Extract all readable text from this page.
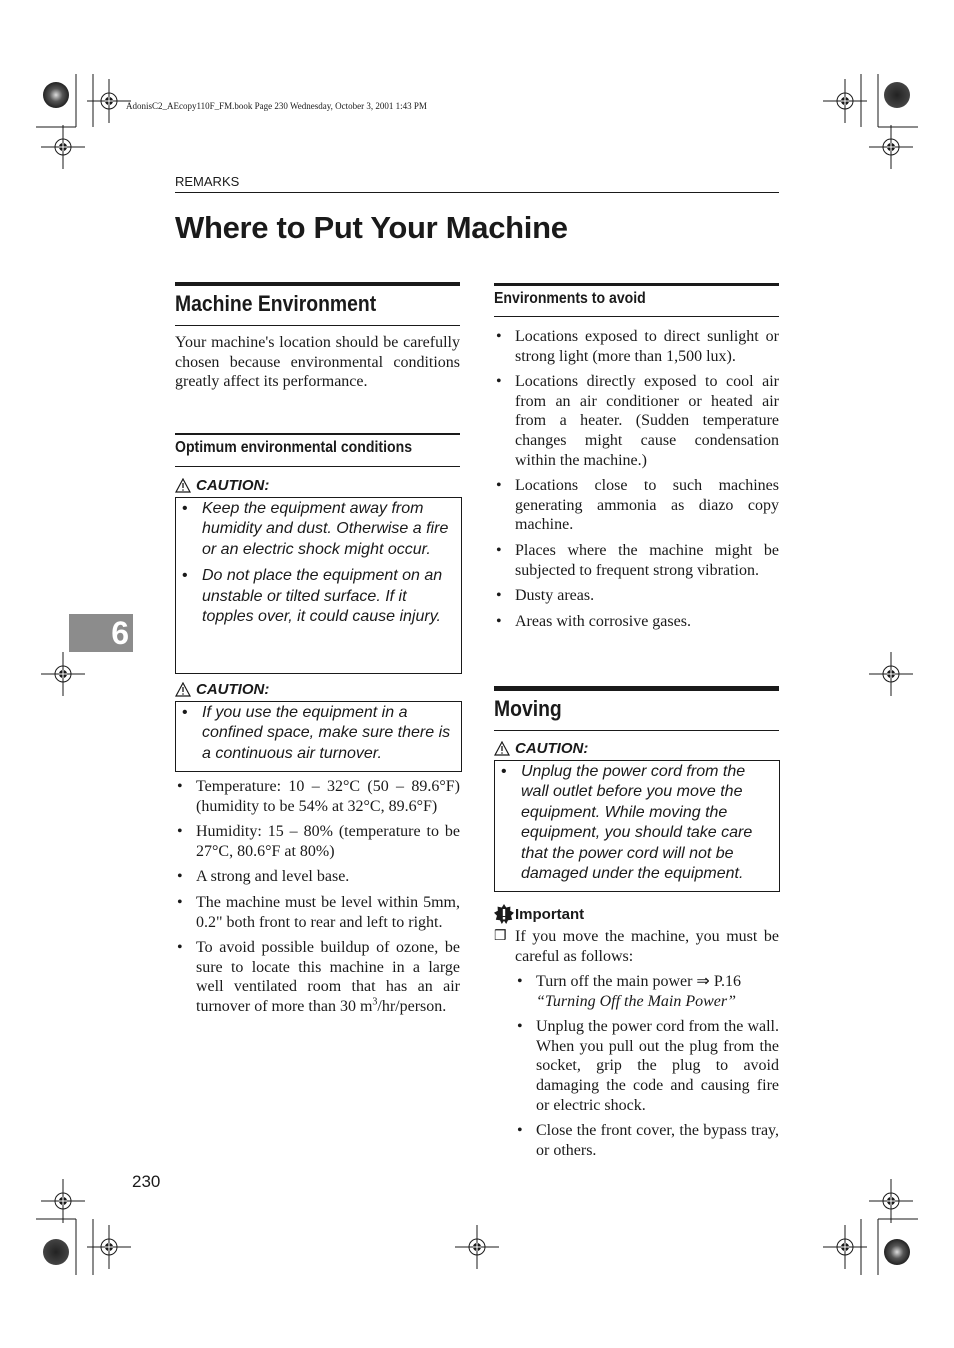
AdonisC2_AEcopy110F_FM.book Page 230 Wednesday, October 3, 2001 1:43 PM
REMARKS
Where to Put Your Machine
Machine Environment

Your machine's location should be carefully chosen because environmental conditions greatly affect its performance.

Optimum environmental conditions
CAUTION:
• Keep the equipment away from humidity and dust. Otherwise a fire or an electric shock might occur.
• Do not place the equipment on an unstable or tilted surface. If it topples over, it could cause injury.
CAUTION:
• If you use the equipment in a confined space, make sure there is a continuous air turnover.
• Temperature: 10 – 32°C (50 – 89.6°F)(humidity to be 54% at 32°C, 89.6°F)
• Humidity: 15 – 80% (temperature to be 27°C, 80.6°F at 80%)
• A strong and level base.
• The machine must be level within 5mm, 0.2" both front to rear and left to right.
• To avoid possible buildup of ozone, be sure to locate this machine in a large well ventilated room that has an air turnover of more than 30 $m^3/hr$/person.
Environments to avoid
• Locations exposed to direct sunlight or strong light (more than 1,500 lux).
• Locations directly exposed to cool air from an air conditioner or heated air from a heater. (Sudden temperature changes might cause condensation within the machine.)
• Locations close to such machines generating ammonia as diazo copy machine.
• Places where the machine might be subjected to frequent strong vibration.
• Dusty areas.
• Areas with corrosive gases.
Moving
CAUTION:
• Unplug the power cord from the wall outlet before you move the equipment. While moving the equipment, you should take care that the power cord will not be damaged under the equipment.
Important
❒ If you move the machine, you must be careful as follows:
• Turn off the main power ⇒ P.16
“Turning Off the Main Power”
• Unplug the power cord from the wall. When you pull out the plug from the socket, grip the plug to avoid damaging the code and causing fire or electric shock.
• Close the front cover, the bypass tray, or others.
6
230
